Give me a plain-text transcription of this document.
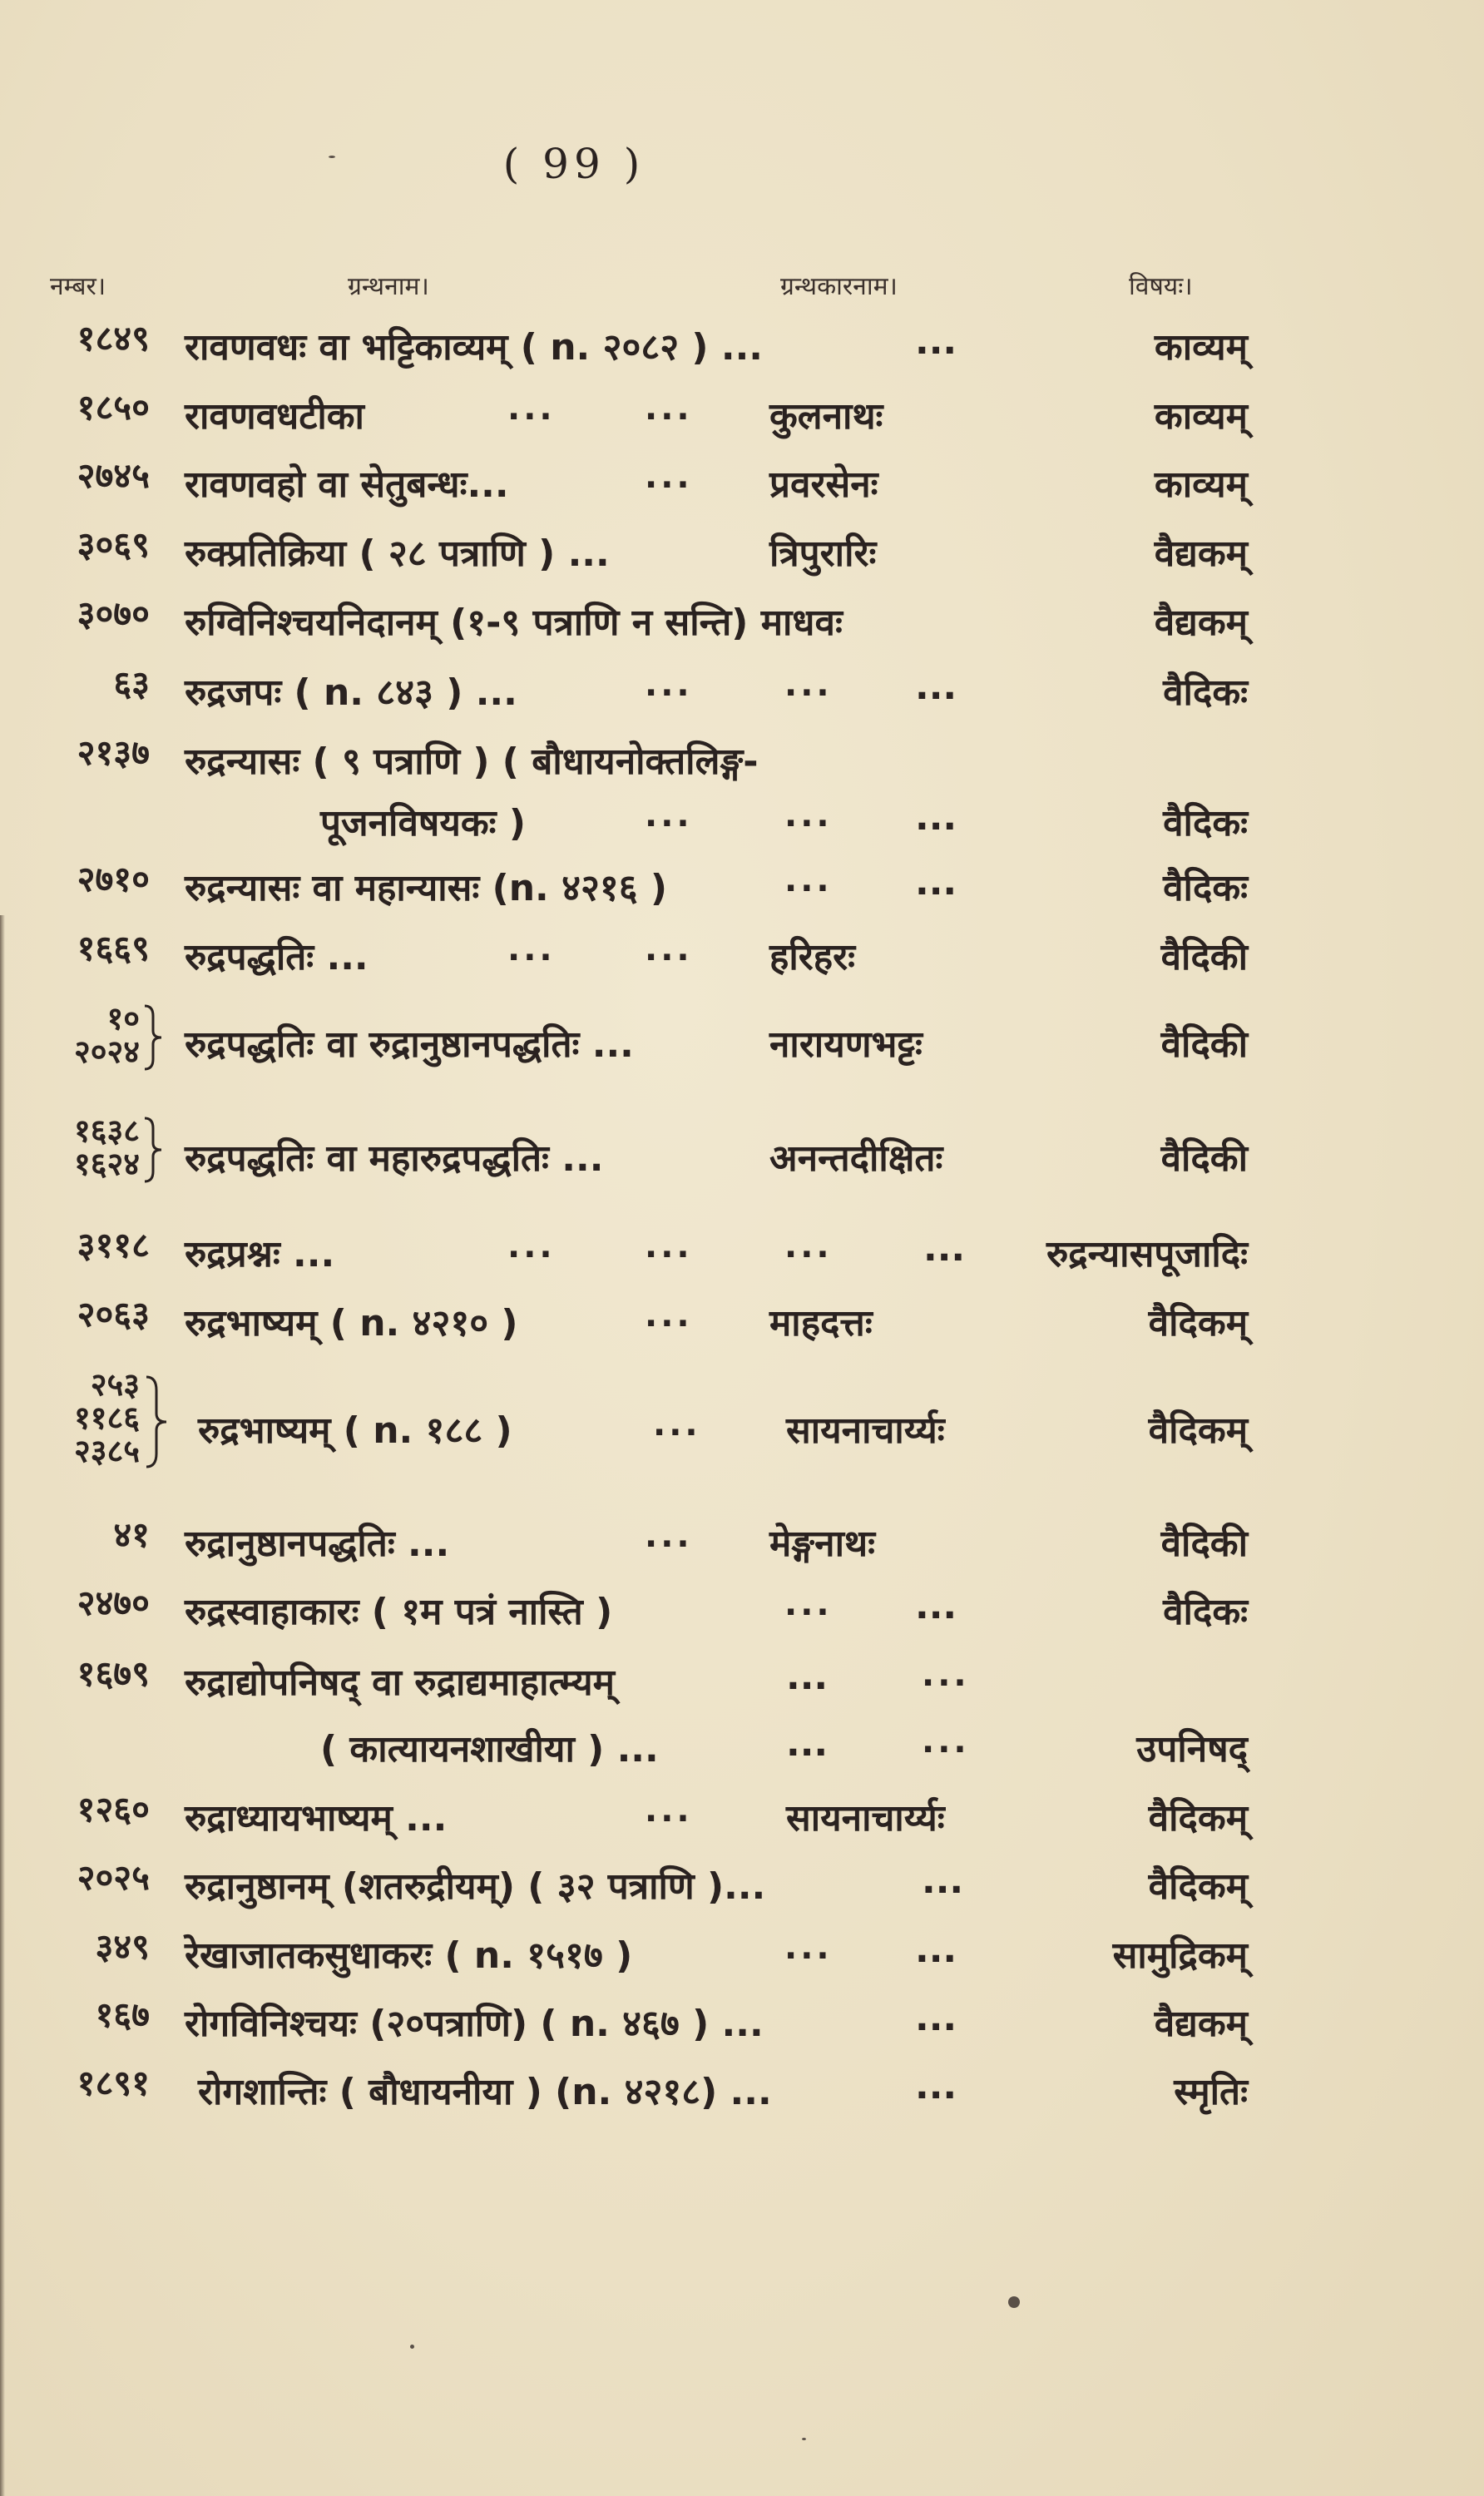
( 99 )
नम्बर।	ग्रन्थनाम।	ग्रन्थकारनाम।	विषयः।
१८४९ रावणवधः वा भट्टिकाव्यम् ( n. २०८२ ) ...	...	काव्यम्
१८५० रावणवधटीका	...	... कुलनाथः	काव्यम्
२७४५ रावणवहो वा सेतुबन्धः...	... प्रवरसेनः	काव्यम्
३०६९ रुक्प्रतिक्रिया ( २८ पत्राणि ) ...	त्रिपुरारिः	वैद्यकम्
३०७० रुग्विनिश्चयनिदानम् (१-९ पत्राणि न सन्ति) माधवः	वैद्यकम्
६३ रुद्रजपः ( n. ८४३ ) ...	...	... ...	वैदिकः
२१३७ रुद्रन्यासः ( ९ पत्राणि ) ( बौधायनोक्तलिङ्ग-
पूजनविषयकः )	...	... ...	वैदिकः
२७१० रुद्रन्यासः वा महान्यासः (n. ४२१६ )	... ...	वैदिकः
१६६९ रुद्रपद्धतिः ...	...	... हरिहरः	वैदिकी
१०
२०२४ रुद्रपद्धतिः वा रुद्रानुष्ठानपद्धतिः ...	नारायणभट्टः	वैदिकी
१६३८
१६२४ रुद्रपद्धतिः वा महारुद्रपद्धतिः ...	अनन्तदीक्षितः	वैदिकी
३११८ रुद्रप्रश्नः ...	...	...	... ... रुद्रन्यासपूजादिः
२०६३ रुद्रभाष्यम् ( n. ४२१० )	... माहदत्तः	वैदिकम्
२५३
११८६
२३८५ रुद्रभाष्यम् ( n. १८८ )	... सायनाचार्य्यः	वैदिकम्
४१ रुद्रानुष्ठानपद्धतिः ...	... मेङ्गनाथः	वैदिकी
२४७० रुद्रस्वाहाकारः ( १म पत्रं नास्ति )	... ...	वैदिकः
१६७९ रुद्राद्योपनिषद् वा रुद्राद्यमाहात्म्यम्	...	...
( कात्यायनशाखीया ) ...	...	...	उपनिषद्
१२६० रुद्राध्यायभाष्यम् ...	...	सायनाचार्य्यः	वैदिकम्
२०२५ रुद्रानुष्ठानम् (शतरुद्रीयम्) ( ३२ पत्राणि )...	...	वैदिकम्
३४९ रेखाजातकसुधाकरः ( n. १५१७ )	... ...	सामुद्रिकम्
१६७ रोगविनिश्चयः (२०पत्राणि) ( n. ४६७ ) ...	...	वैद्यकम्
१८९१ रोगशान्तिः ( बौधायनीया ) (n. ४२१८) ...	...	स्मृतिः
